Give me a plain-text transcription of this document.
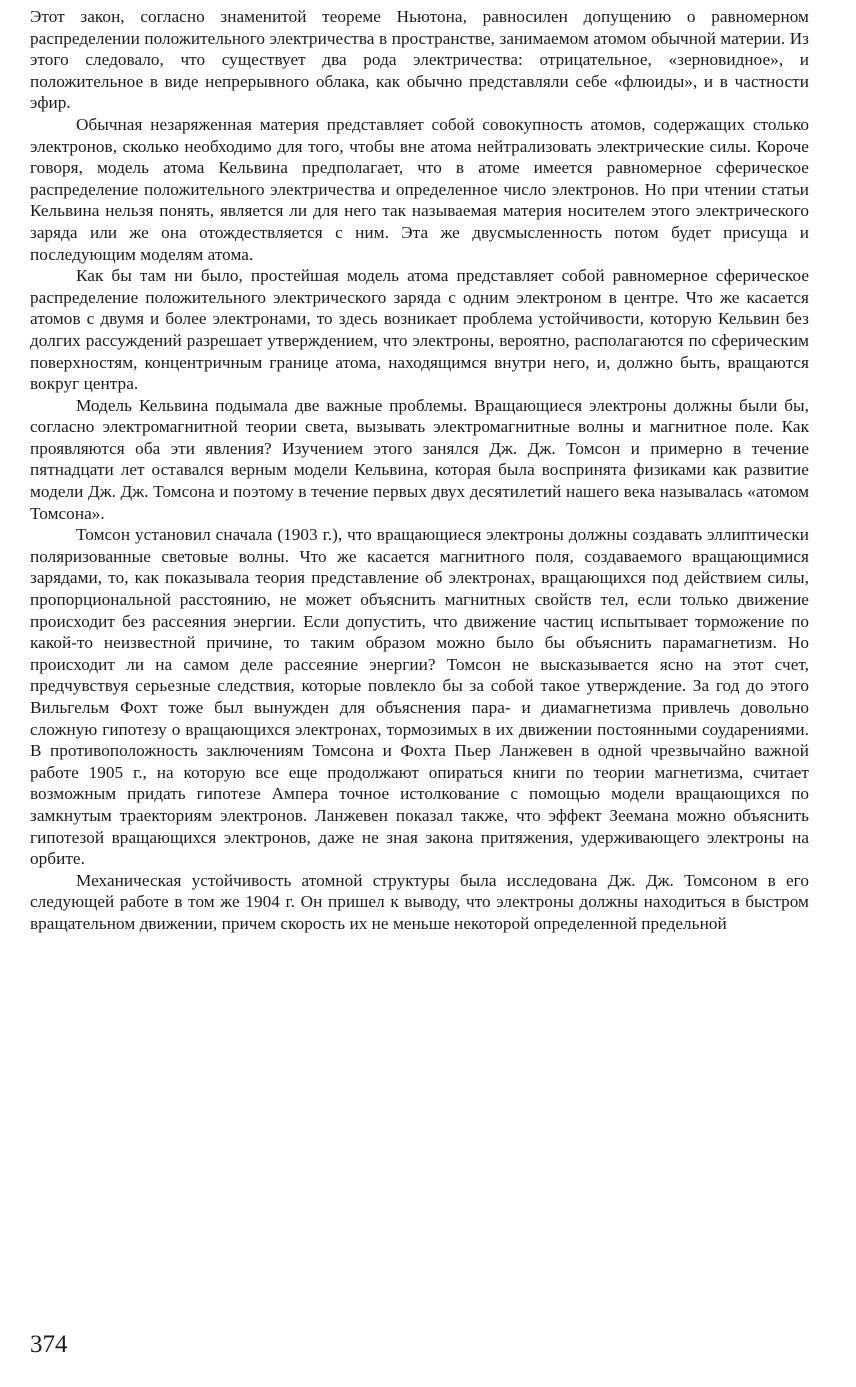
Этот закон, согласно знаменитой теореме Ньютона, равносилен допущению о равномерном распределении положительного электричества в пространстве, занимаемом атомом обычной материи. Из этого следовало, что существует два рода электричества: отрицательное, «зерновидное», и положительное в виде непрерывного облака, как обычно представляли себе «флюиды», и в частности эфир.

Обычная незаряженная материя представляет собой совокупность атомов, содержащих столько электронов, сколько необходимо для того, чтобы вне атома нейтрализовать электрические силы. Короче говоря, модель атома Кельвина предполагает, что в атоме имеется равномерное сферическое распределение положительного электричества и определенное число электронов. Но при чтении статьи Кельвина нельзя понять, является ли для него так называемая материя носителем этого электрического заряда или же она отождествляется с ним. Эта же двусмысленность потом будет присуща и последующим моделям атома.

Как бы там ни было, простейшая модель атома представляет собой равномерное сферическое распределение положительного электрического заряда с одним электроном в центре. Что же касается атомов с двумя и более электронами, то здесь возникает проблема устойчивости, которую Кельвин без долгих рассуждений разрешает утверждением, что электроны, вероятно, располагаются по сферическим поверхностям, концентричным границе атома, находящимся внутри него, и, должно быть, вращаются вокруг центра.

Модель Кельвина подымала две важные проблемы. Вращающиеся электроны должны были бы, согласно электромагнитной теории света, вызывать электромагнитные волны и магнитное поле. Как проявляются оба эти явления? Изучением этого занялся Дж. Дж. Томсон и примерно в течение пятнадцати лет оставался верным модели Кельвина, которая была воспринята физиками как развитие модели Дж. Дж. Томсона и поэтому в течение первых двух десятилетий нашего века называлась «атомом Томсона».

Томсон установил сначала (1903 г.), что вращающиеся электроны должны создавать эллиптически поляризованные световые волны. Что же касается магнитного поля, создаваемого вращающимися зарядами, то, как показывала теория представление об электронах, вращающихся под действием силы, пропорциональной расстоянию, не может объяснить магнитных свойств тел, если только движение происходит без рассеяния энергии. Если допустить, что движение частиц испытывает торможение по какой-то неизвестной причине, то таким образом можно было бы объяснить парамагнетизм. Но происходит ли на самом деле рассеяние энергии? Томсон не высказывается ясно на этот счет, предчувствуя серьезные следствия, которые повлекло бы за собой такое утверждение. За год до этого Вильгельм Фохт тоже был вынужден для объяснения пара- и диамагнетизма привлечь довольно сложную гипотезу о вращающихся электронах, тормозимых в их движении постоянными соударениями. В противоположность заключениям Томсона и Фохта Пьер Ланжевен в одной чрезвычайно важной работе 1905 г., на которую все еще продолжают опираться книги по теории магнетизма, считает возможным придать гипотезе Ампера точное истолкование с помощью модели вращающихся по замкнутым траекториям электронов. Ланжевен показал также, что эффект Зеемана можно объяснить гипотезой вращающихся электронов, даже не зная закона притяжения, удерживающего электроны на орбите.

Механическая устойчивость атомной структуры была исследована Дж. Дж. Томсоном в его следующей работе в том же 1904 г. Он пришел к выводу, что электроны должны находиться в быстром вращательном движении, причем скорость их не меньше некоторой определенной предельной

374
